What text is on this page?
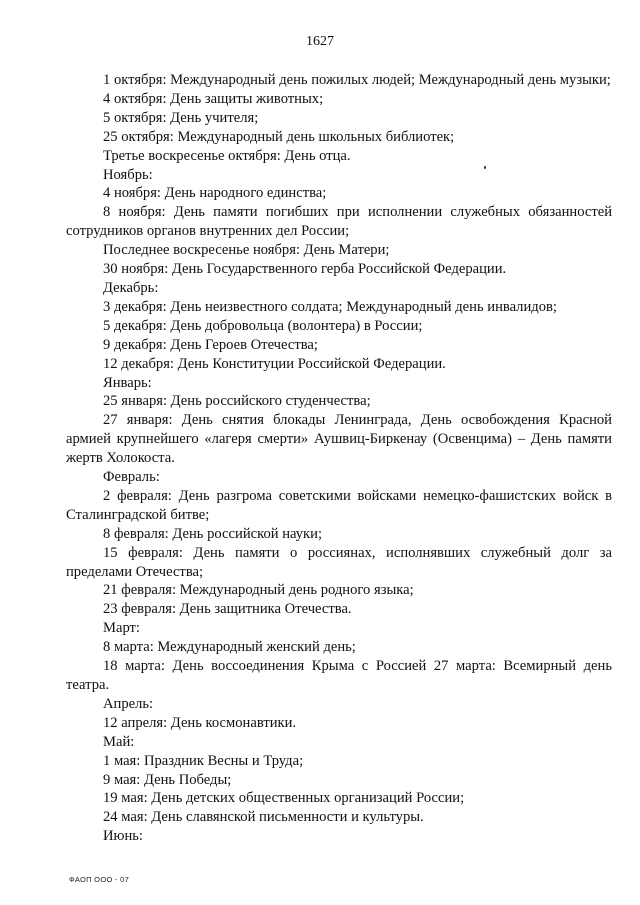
1627

1 октября: Международный день пожилых людей; Международный день музыки;

4 октября: День защиты животных;

5 октября: День учителя;

25 октября: Международный день школьных библиотек;

Третье воскресенье октября: День отца.

Ноябрь:

4 ноября: День народного единства;

8 ноября: День памяти погибших при исполнении служебных обязанностей сотрудников органов внутренних дел России;

Последнее воскресенье ноября: День Матери;

30 ноября: День Государственного герба Российской Федерации.

Декабрь:

3 декабря: День неизвестного солдата; Международный день инвалидов;

5 декабря: День добровольца (волонтера) в России;

9 декабря: День Героев Отечества;

12 декабря: День Конституции Российской Федерации.

Январь:

25 января: День российского студенчества;

27 января: День снятия блокады Ленинграда, День освобождения Красной армией крупнейшего «лагеря смерти» Аушвиц-Биркенау (Освенцима) – День памяти жертв Холокоста.

Февраль:

2 февраля: День разгрома советскими войсками немецко-фашистских войск в Сталинградской битве;

8 февраля: День российской науки;

15 февраля: День памяти о россиянах, исполнявших служебный долг за пределами Отечества;

21 февраля: Международный день родного языка;

23 февраля: День защитника Отечества.

Март:

8 марта: Международный женский день;

18 марта: День воссоединения Крыма с Россией 27 марта: Всемирный день театра.

Апрель:

12 апреля: День космонавтики.

Май:

1 мая: Праздник Весны и Труда;

9 мая: День Победы;

19 мая: День детских общественных организаций России;

24 мая: День славянской письменности и культуры.

Июнь:

ФАОП ООО - 07
